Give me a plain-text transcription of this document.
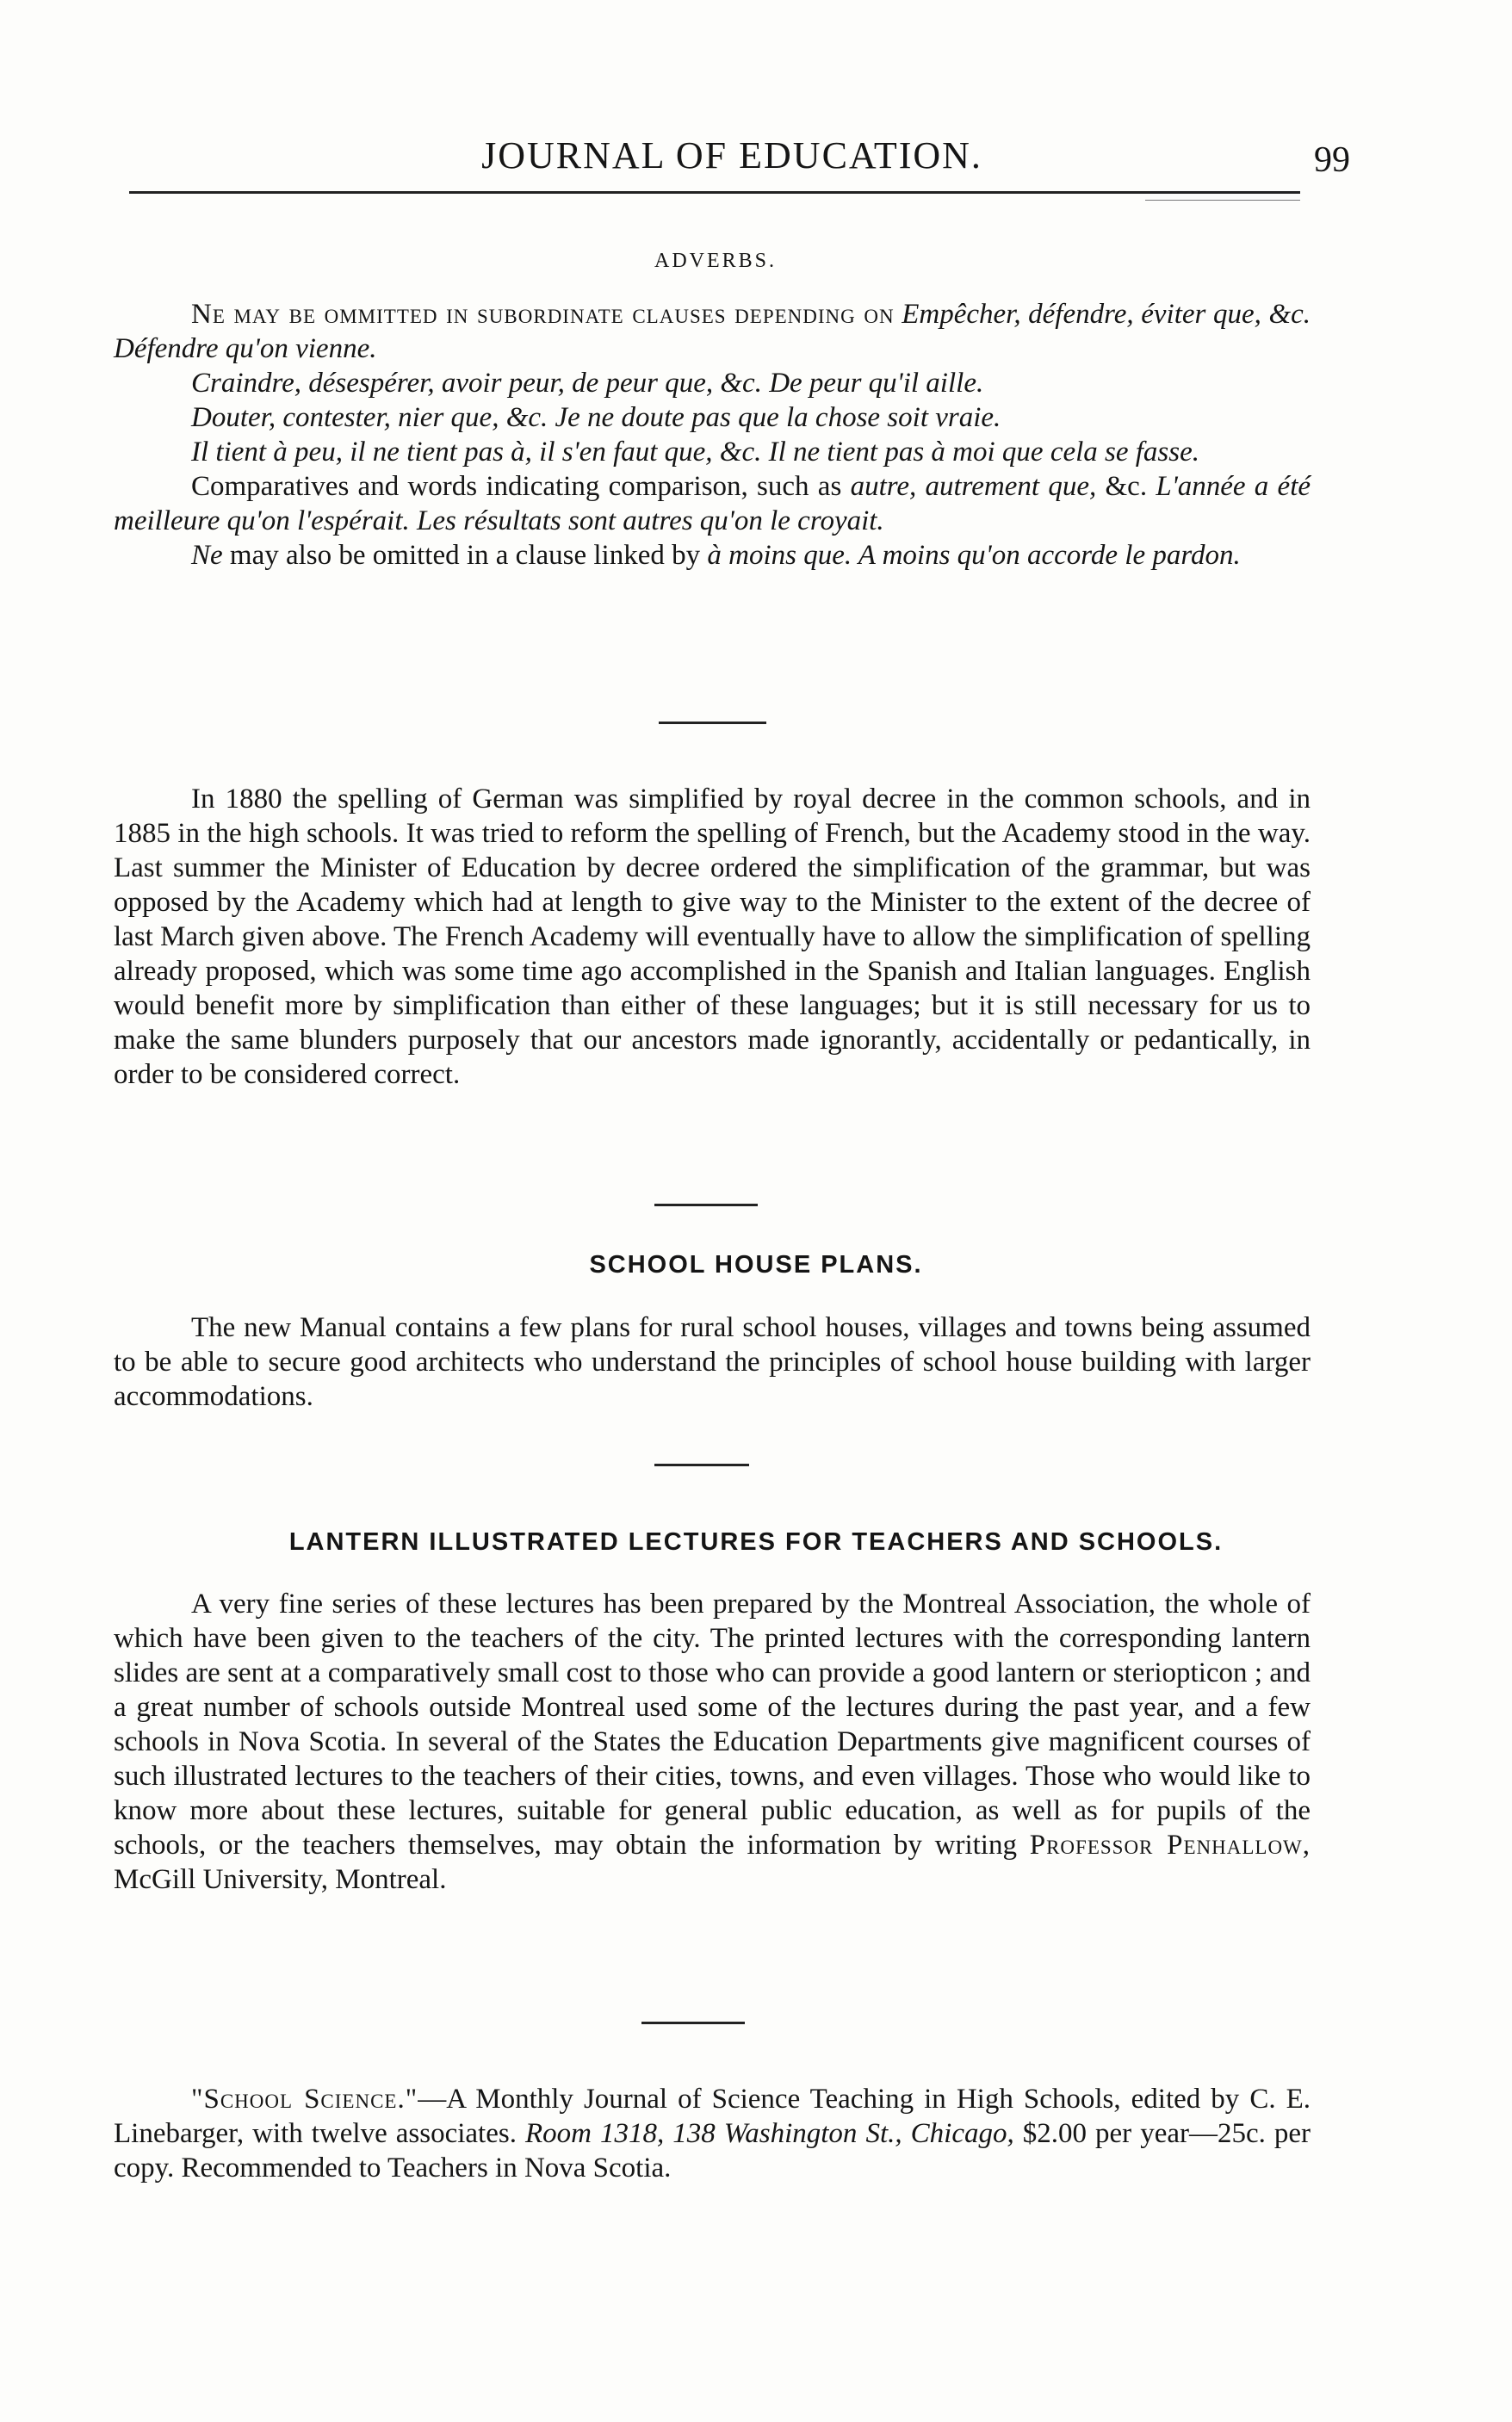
JOURNAL OF EDUCATION.	99
ADVERBS.

Ne may be ommitted in subordinate clauses depending on Empêcher, défendre, éviter que, &c. Défendre qu'on vienne.

Craindre, désespérer, avoir peur, de peur que, &c. De peur qu'il aille.

Douter, contester, nier que, &c. Je ne doute pas que la chose soit vraie.

Il tient à peu, il ne tient pas à, il s'en faut que, &c. Il ne tient pas à moi que cela se fasse.

Comparatives and words indicating comparison, such as autre, autrement que, &c. L'année a été meilleure qu'on l'espérait. Les résultats sont autres qu'on le croyait.

Ne may also be omitted in a clause linked by à moins que. A moins qu'on accorde le pardon.

In 1880 the spelling of German was simplified by royal decree in the common schools, and in 1885 in the high schools. It was tried to reform the spelling of French, but the Academy stood in the way. Last summer the Minister of Education by decree ordered the simplification of the grammar, but was opposed by the Academy which had at length to give way to the Minister to the extent of the decree of last March given above. The French Academy will eventually have to allow the simplification of spelling already proposed, which was some time ago accomplished in the Spanish and Italian languages. English would benefit more by simplification than either of these languages; but it is still necessary for us to make the same blunders purposely that our ancestors made ignorantly, accidentally or pedantically, in order to be considered correct.

SCHOOL HOUSE PLANS.

The new Manual contains a few plans for rural school houses, villages and towns being assumed to be able to secure good architects who understand the principles of school house building with larger accommodations.

LANTERN ILLUSTRATED LECTURES FOR TEACHERS AND SCHOOLS.

A very fine series of these lectures has been prepared by the Montreal Association, the whole of which have been given to the teachers of the city. The printed lectures with the corresponding lantern slides are sent at a comparatively small cost to those who can provide a good lantern or steriopticon ; and a great number of schools outside Montreal used some of the lectures during the past year, and a few schools in Nova Scotia. In several of the States the Education Departments give magnificent courses of such illustrated lectures to the teachers of their cities, towns, and even villages. Those who would like to know more about these lectures, suitable for general public education, as well as for pupils of the schools, or the teachers themselves, may obtain the information by writing Professor Penhallow, McGill University, Montreal.

"School Science."—A Monthly Journal of Science Teaching in High Schools, edited by C. E. Linebarger, with twelve associates. Room 1318, 138 Washington St., Chicago, $2.00 per year—25c. per copy. Recommended to Teachers in Nova Scotia.
